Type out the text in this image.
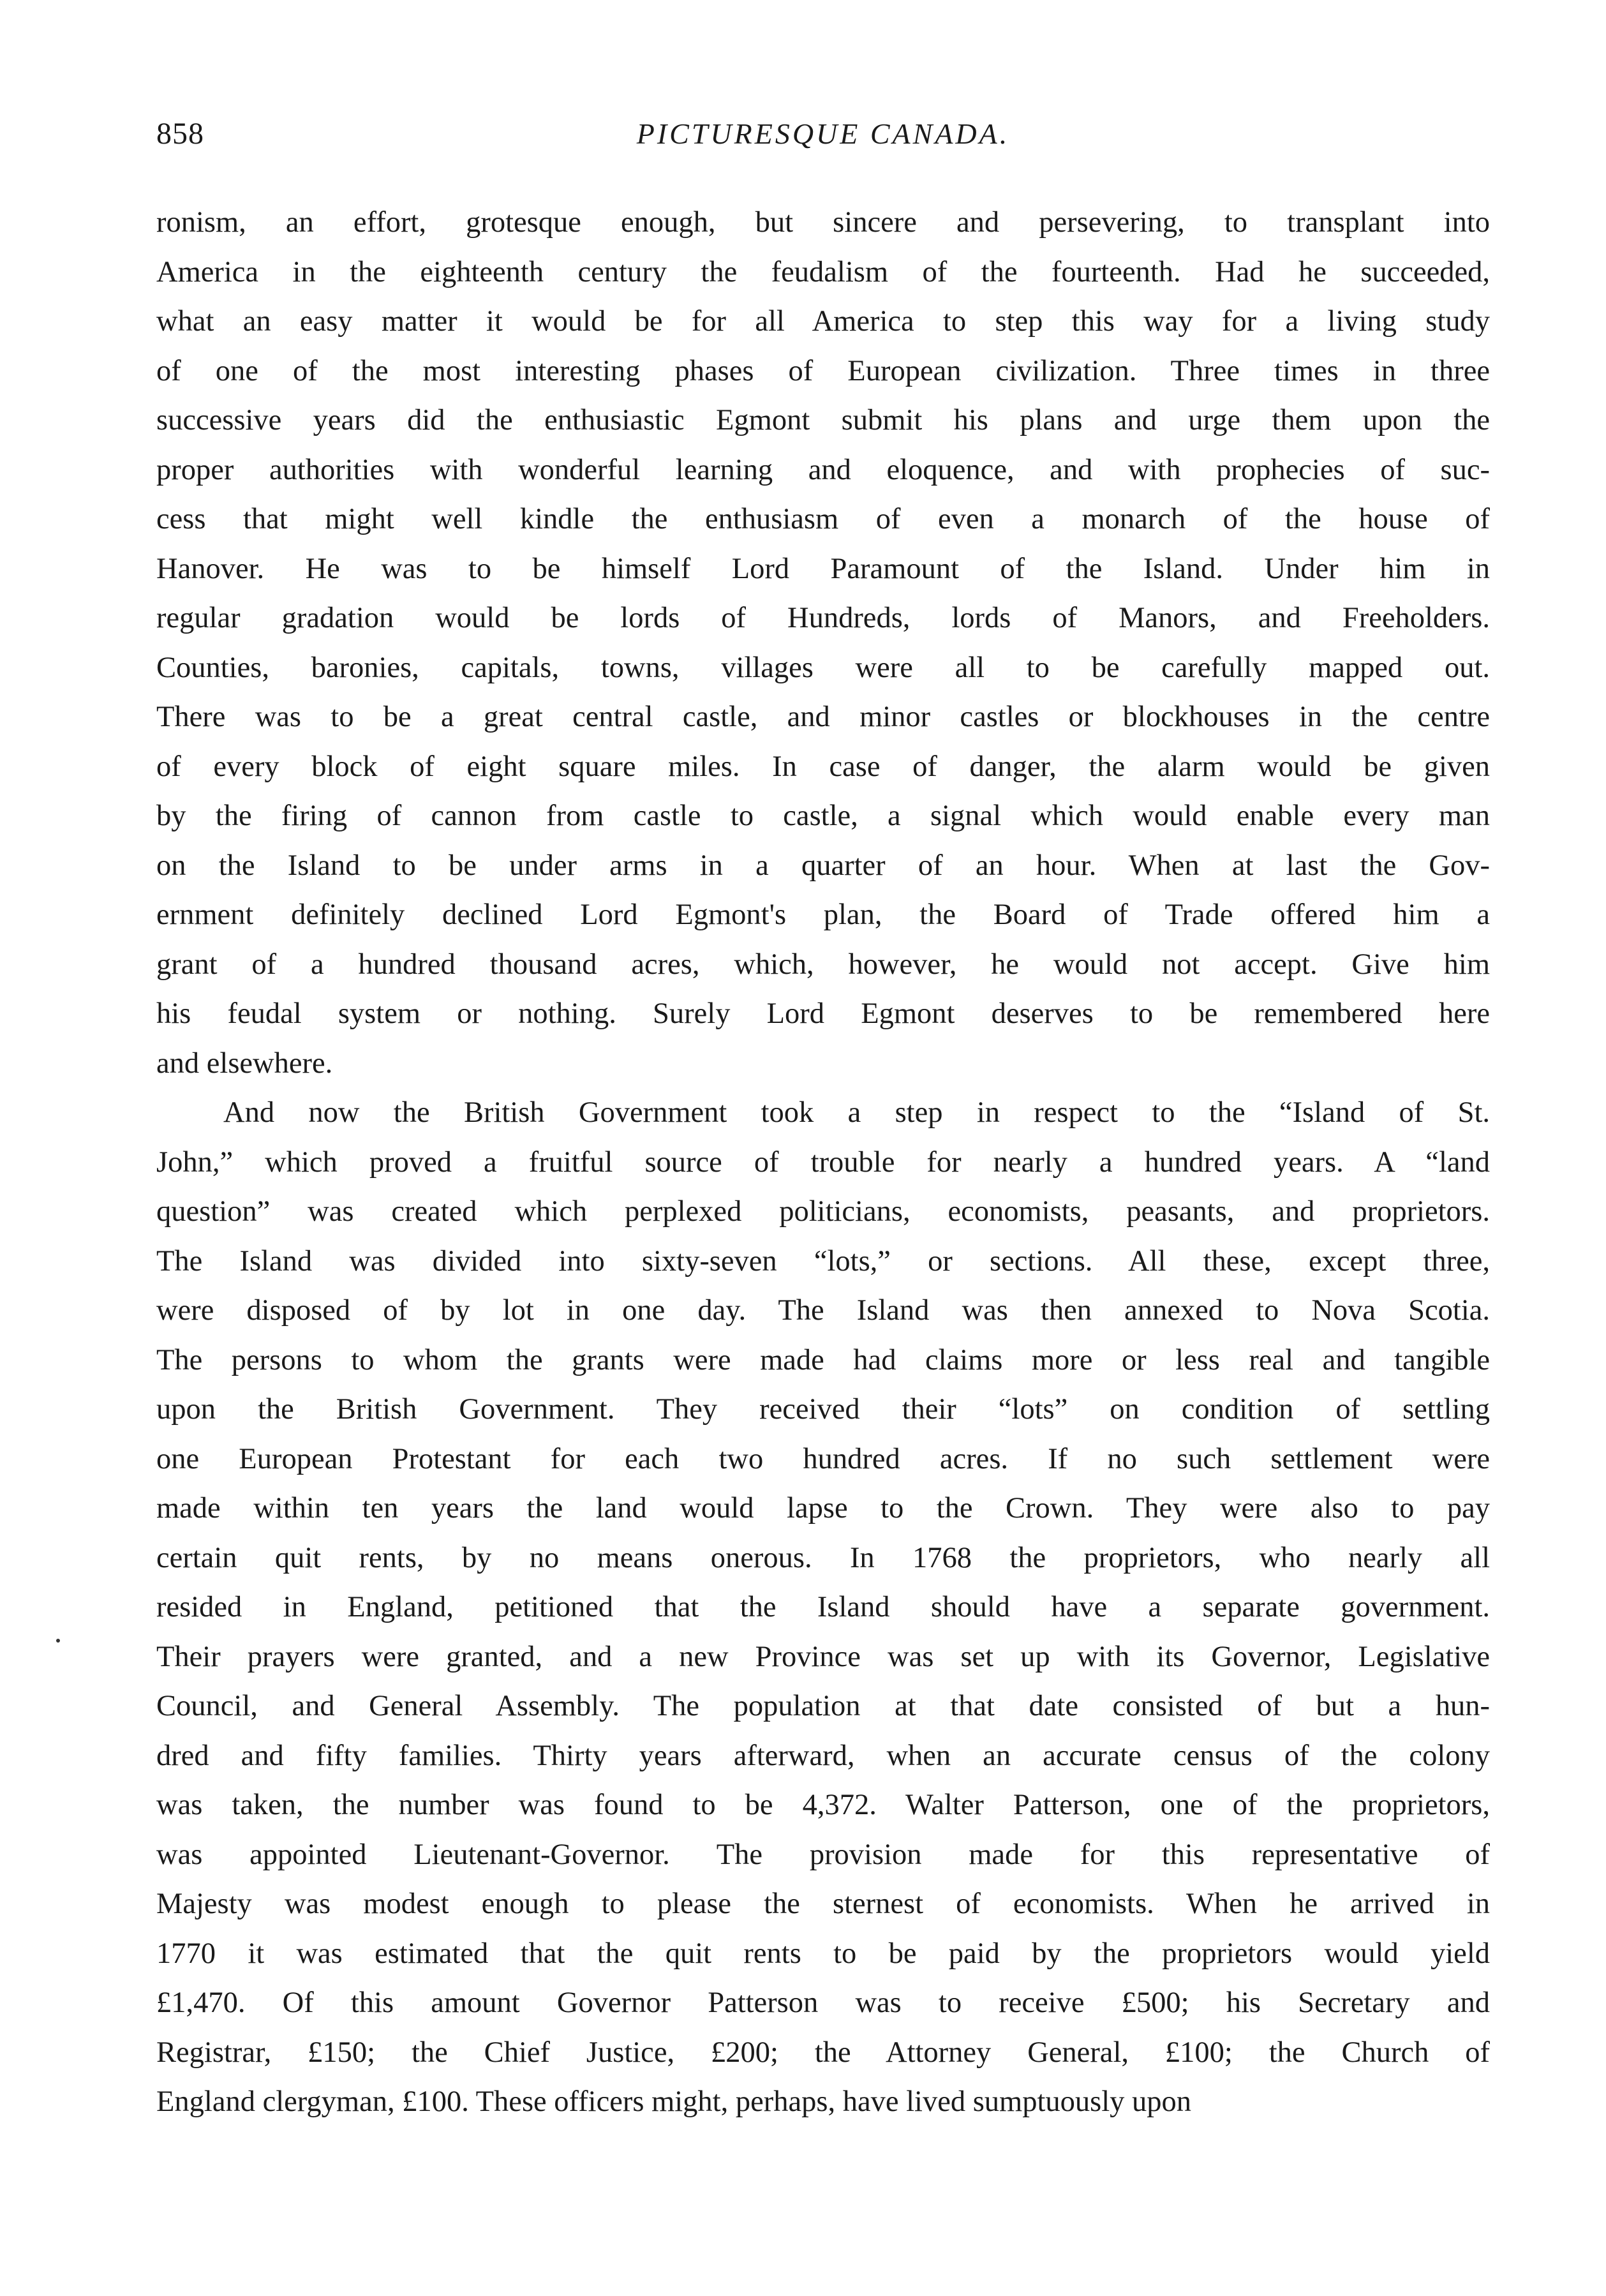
858	PICTURESQUE CANADA.
ronism, an effort, grotesque enough, but sincere and persevering, to transplant into
America in the eighteenth century the feudalism of the fourteenth. Had he succeeded,
what an easy matter it would be for all America to step this way for a living study
of one of the most interesting phases of European civilization. Three times in three
successive years did the enthusiastic Egmont submit his plans and urge them upon the
proper authorities with wonderful learning and eloquence, and with prophecies of suc-
cess that might well kindle the enthusiasm of even a monarch of the house of
Hanover. He was to be himself Lord Paramount of the Island. Under him in
regular gradation would be lords of Hundreds, lords of Manors, and Freeholders.
Counties, baronies, capitals, towns, villages were all to be carefully mapped out.
There was to be a great central castle, and minor castles or blockhouses in the centre
of every block of eight square miles. In case of danger, the alarm would be given
by the firing of cannon from castle to castle, a signal which would enable every man
on the Island to be under arms in a quarter of an hour. When at last the Gov-
ernment definitely declined Lord Egmont's plan, the Board of Trade offered him a
grant of a hundred thousand acres, which, however, he would not accept. Give him
his feudal system or nothing. Surely Lord Egmont deserves to be remembered here
and elsewhere.
And now the British Government took a step in respect to the “Island of St.
John,” which proved a fruitful source of trouble for nearly a hundred years. A “land
question” was created which perplexed politicians, economists, peasants, and proprietors.
The Island was divided into sixty-seven “lots,” or sections. All these, except three,
were disposed of by lot in one day. The Island was then annexed to Nova Scotia.
The persons to whom the grants were made had claims more or less real and tangible
upon the British Government. They received their “lots” on condition of settling
one European Protestant for each two hundred acres. If no such settlement were
made within ten years the land would lapse to the Crown. They were also to pay
certain quit rents, by no means onerous. In 1768 the proprietors, who nearly all
resided in England, petitioned that the Island should have a separate government.
Their prayers were granted, and a new Province was set up with its Governor, Legislative
Council, and General Assembly. The population at that date consisted of but a hun-
dred and fifty families. Thirty years afterward, when an accurate census of the colony
was taken, the number was found to be 4,372. Walter Patterson, one of the proprietors,
was appointed Lieutenant-Governor. The provision made for this representative of
Majesty was modest enough to please the sternest of economists. When he arrived in
1770 it was estimated that the quit rents to be paid by the proprietors would yield
£1,470. Of this amount Governor Patterson was to receive £500; his Secretary and
Registrar, £150; the Chief Justice, £200; the Attorney General, £100; the Church of
England clergyman, £100. These officers might, perhaps, have lived sumptuously upon
